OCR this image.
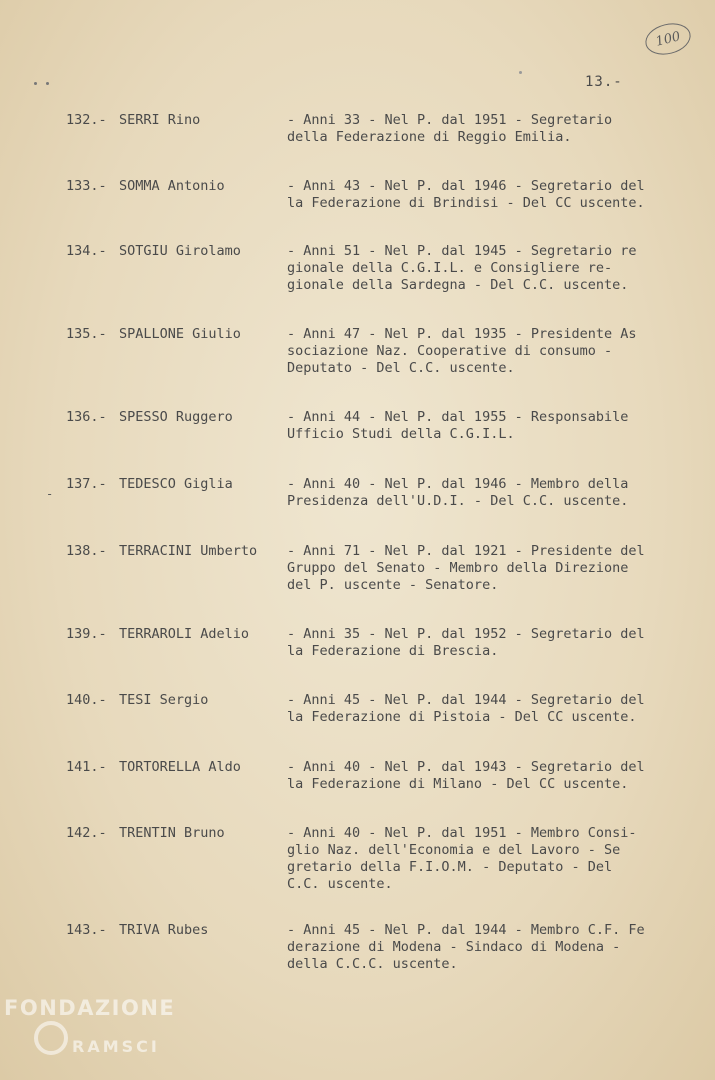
100
13.-
-
132.- SERRI Rino	- Anni 33 - Nel P. dal 1951 - Segretario
della Federazione di Reggio Emilia.
133.- SOMMA Antonio	- Anni 43 - Nel P. dal 1946 - Segretario del
la Federazione di Brindisi - Del CC uscente.
134.- SOTGIU Girolamo	- Anni 51 - Nel P. dal 1945 - Segretario re
gionale della C.G.I.L. e Consigliere re-
gionale della Sardegna - Del C.C. uscente.
135.- SPALLONE Giulio	- Anni 47 - Nel P. dal 1935 - Presidente As
sociazione Naz. Cooperative di consumo -
Deputato - Del C.C. uscente.
136.- SPESSO Ruggero	- Anni 44 - Nel P. dal 1955 - Responsabile
Ufficio Studi della C.G.I.L.
137.- TEDESCO Giglia	- Anni 40 - Nel P. dal 1946 - Membro della
Presidenza dell'U.D.I. - Del C.C. uscente.
138.- TERRACINI Umberto - Anni 71 - Nel P. dal 1921 - Presidente del
Gruppo del Senato - Membro della Direzione
del P. uscente - Senatore.
139.- TERRAROLI Adelio	- Anni 35 - Nel P. dal 1952 - Segretario del
la Federazione di Brescia.
140.- TESI Sergio	- Anni 45 - Nel P. dal 1944 - Segretario del
la Federazione di Pistoia - Del CC uscente.
141.- TORTORELLA Aldo	- Anni 40 - Nel P. dal 1943 - Segretario del
la Federazione di Milano - Del CC uscente.
142.- TRENTIN Bruno	- Anni 40 - Nel P. dal 1951 - Membro Consi-
glio Naz. dell'Economia e del Lavoro - Se
gretario della F.I.O.M. - Deputato - Del
C.C. uscente.
143.- TRIVA Rubes	- Anni 45 - Nel P. dal 1944 - Membro C.F. Fe
derazione di Modena - Sindaco di Modena -
della C.C.C. uscente.
FONDAZIONE
RAMSCI
